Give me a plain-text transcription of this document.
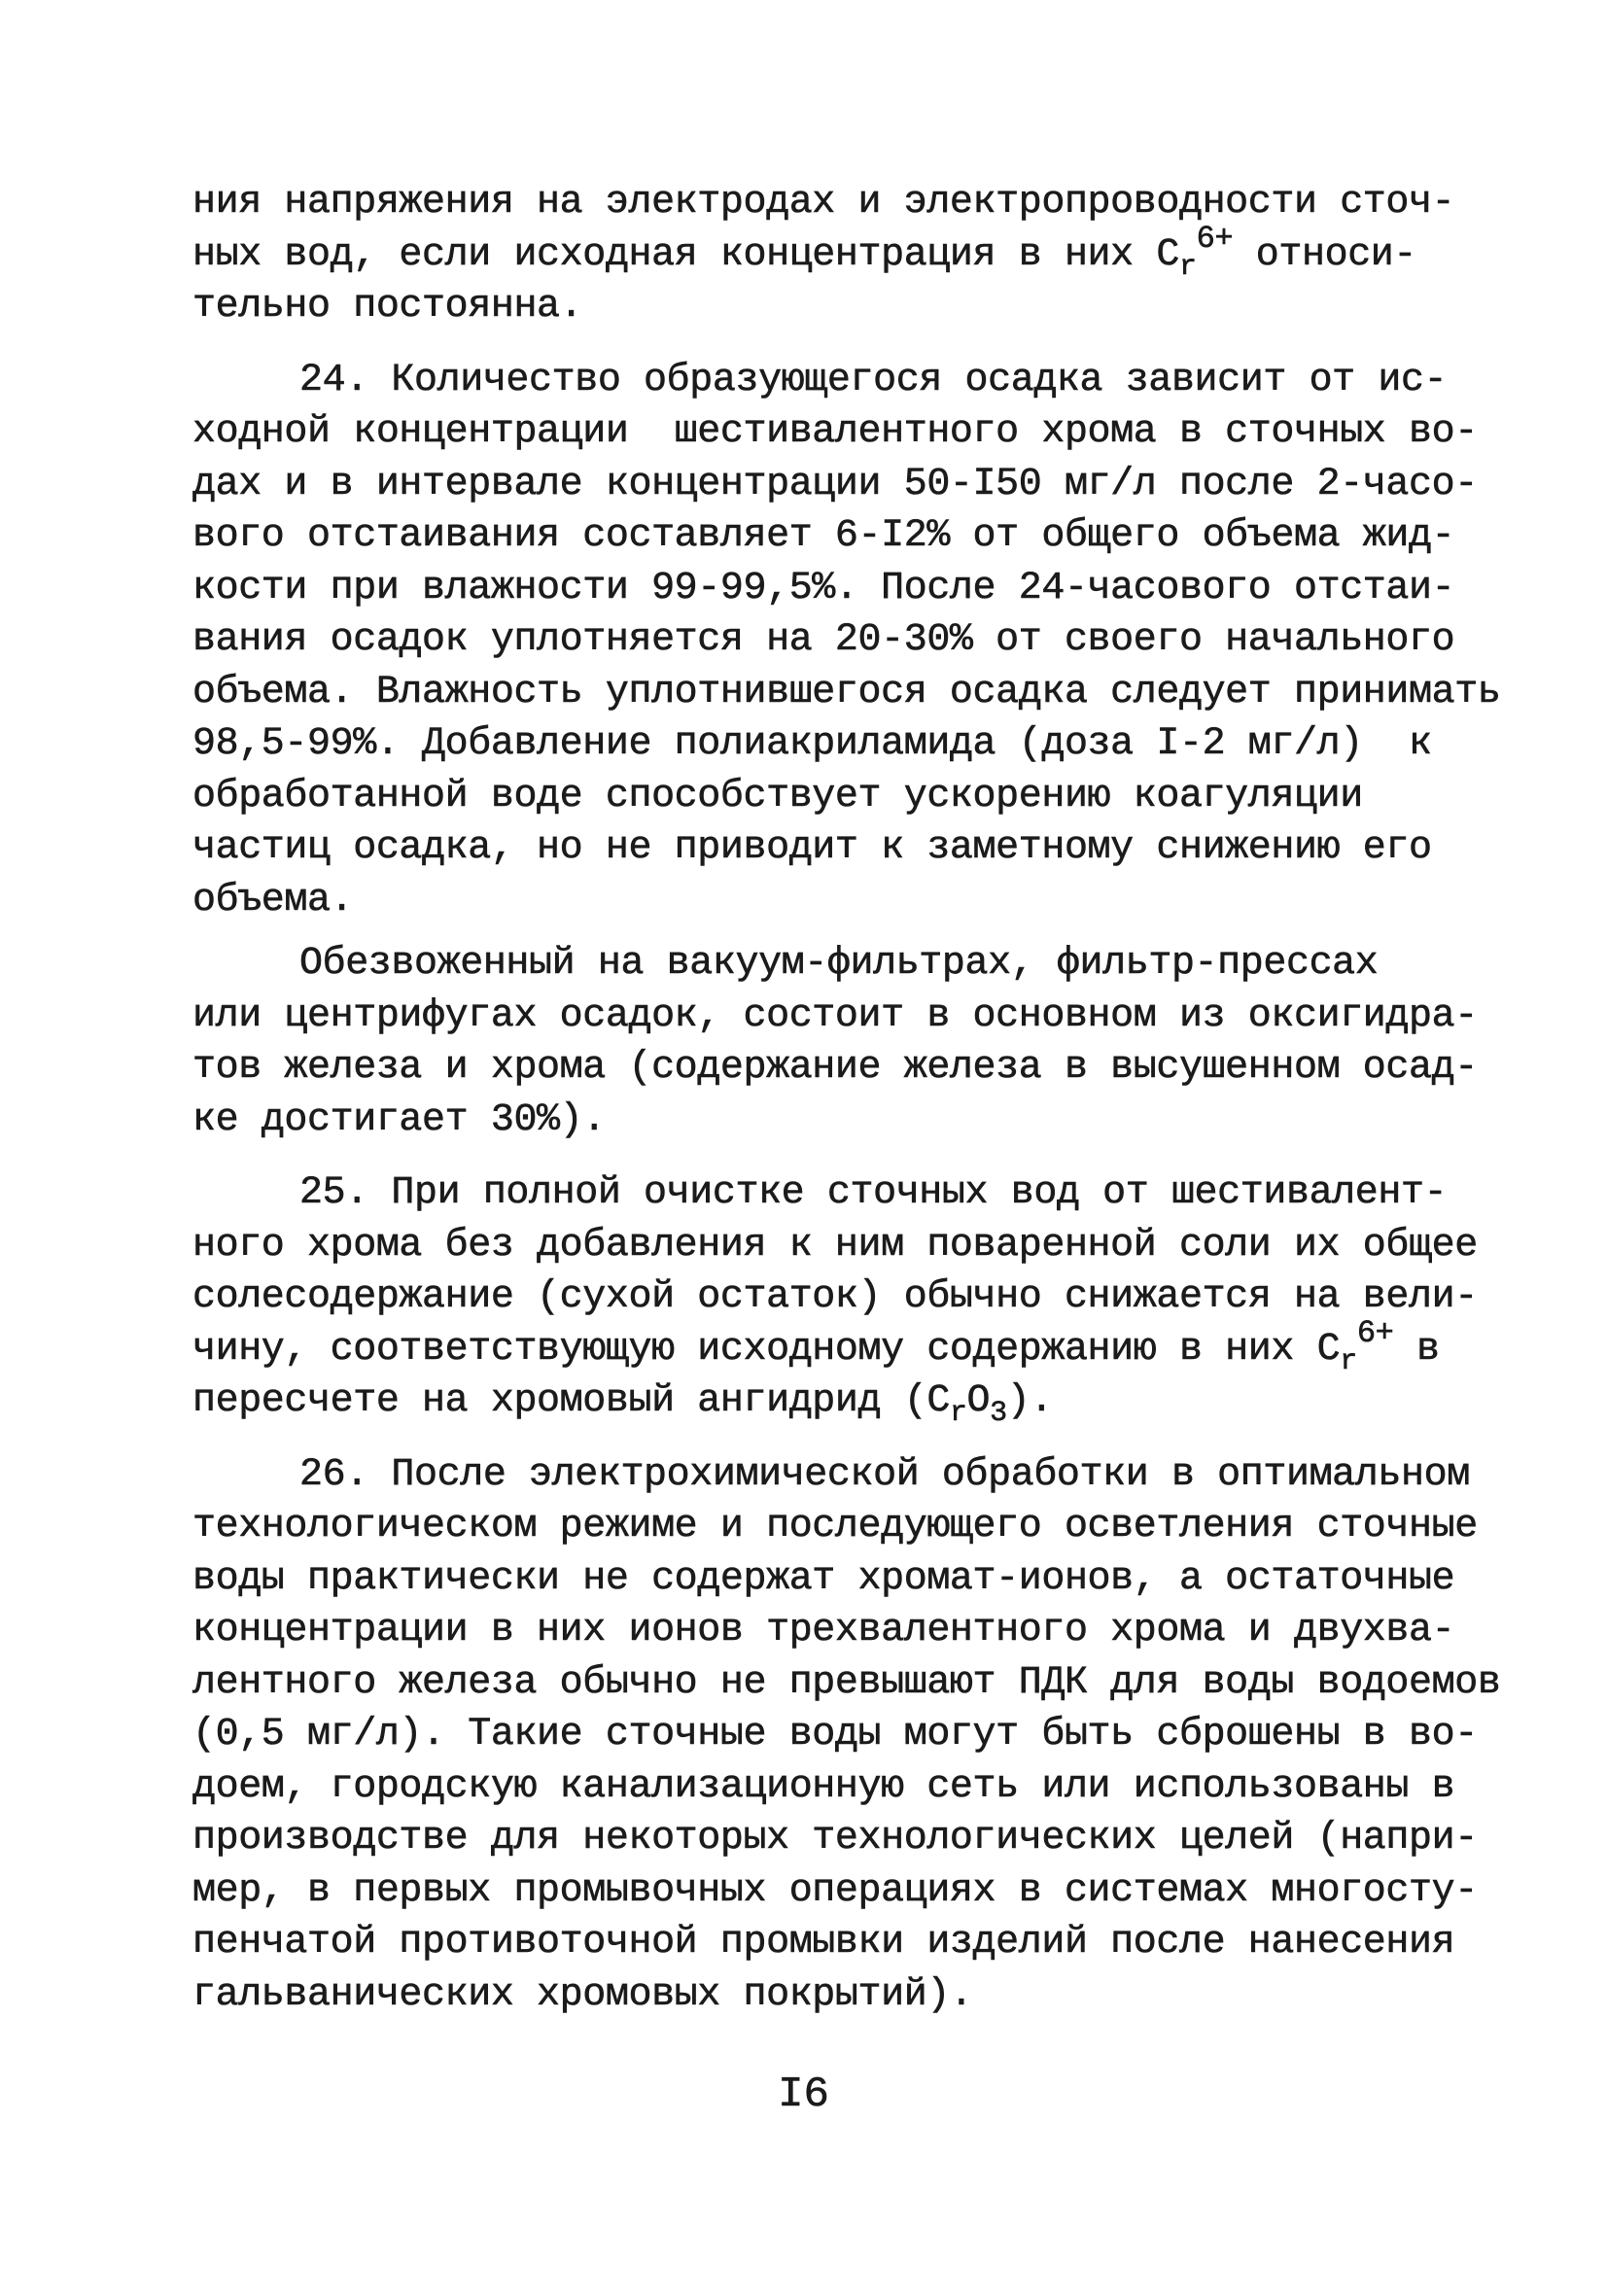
ния напряжения на электродах и электропроводности сточ-
ных вод, если исходная концентрация в них $С_r^{6+}$ относи-
тельно постоянна.

24. Количество образующегося осадка зависит от ис-
ходной концентрации  шестивалентного хрома в сточных во-
дах и в интервале концентрации 50-I50 мг/л после 2-часо-
вого отстаивания составляет 6-I2% от общего объема жид-
кости при влажности 99-99,5%. После 24-часового отстаи-
вания осадок уплотняется на 20-30% от своего начального
объема. Влажность уплотнившегося осадка следует принимать
98,5-99%. Добавление полиакриламида (доза I-2 мг/л)  к
обработанной воде способствует ускорению коагуляции
частиц осадка, но не приводит к заметному снижению его
объема.

Обезвоженный на вакуум-фильтрах, фильтр-прессах
или центрифугах осадок, состоит в основном из оксигидра-
тов железа и хрома (содержание железа в высушенном осад-
ке достигает 30%).

25. При полной очистке сточных вод от шестивалент-
ного хрома без добавления к ним поваренной соли их общее
солесодержание (сухой остаток) обычно снижается на вели-
чину, соответствующую исходному содержанию в них $С_r^{6+}$ в
пересчете на хромовый ангидрид $(С_rO_3)$.

26. После электрохимической обработки в оптимальном
технологическом режиме и последующего осветления сточные
воды практически не содержат хромат-ионов, а остаточные
концентрации в них ионов трехвалентного хрома и двухва-
лентного железа обычно не превышают ПДК для воды водоемов
(0,5 мг/л). Такие сточные воды могут быть сброшены в во-
доем, городскую канализационную сеть или использованы в
производстве для некоторых технологических целей (напри-
мер, в первых промывочных операциях в системах многосту-
пенчатой противоточной промывки изделий после нанесения
гальванических хромовых покрытий).

I6
